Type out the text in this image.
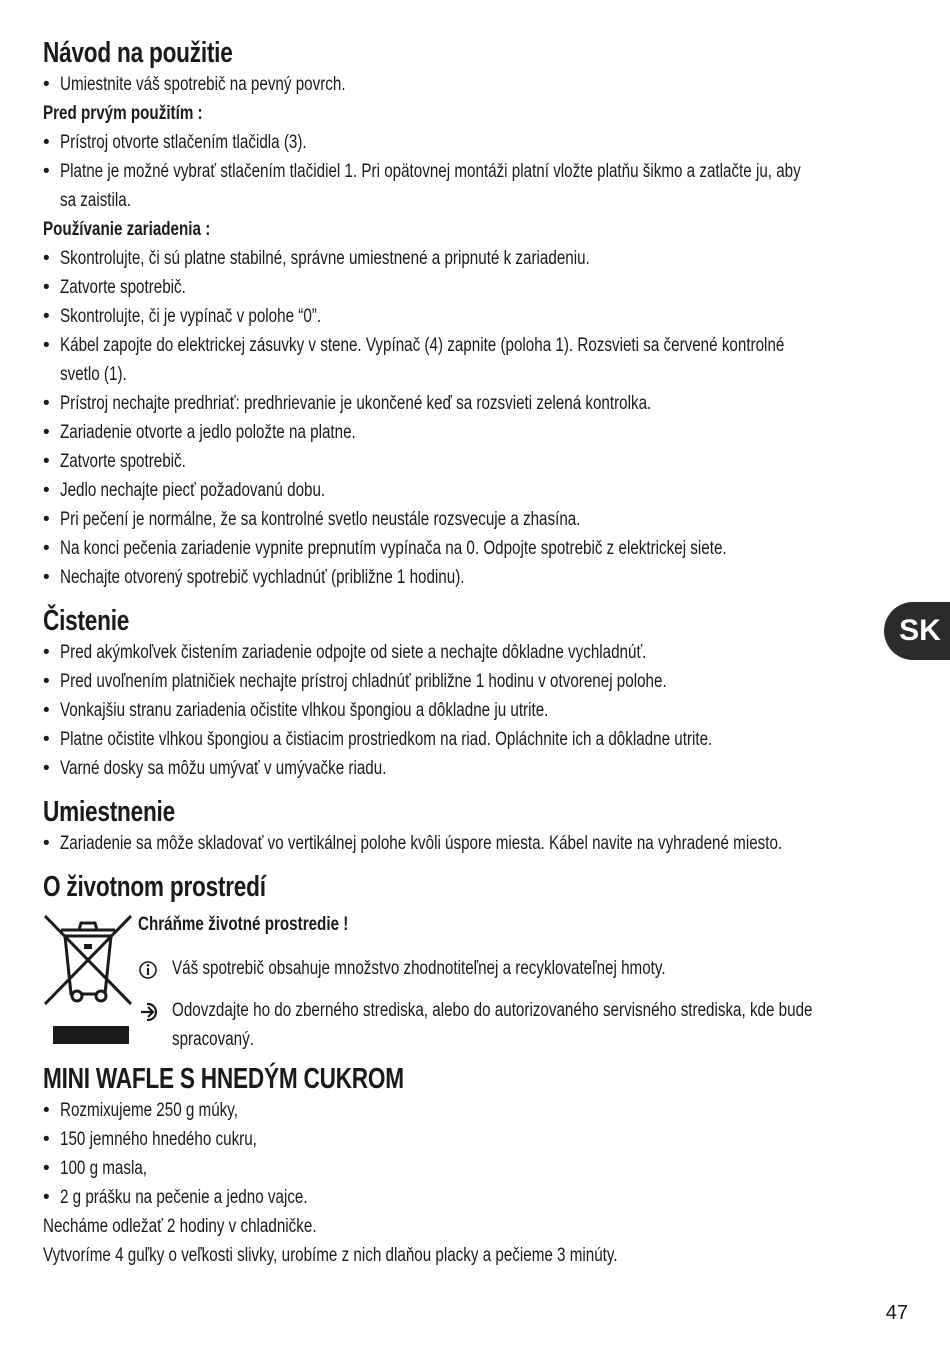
Návod na použitie
• Umiestnite váš spotrebič na pevný povrch.
Pred prvým použitím :
• Prístroj otvorte stlačením tlačidla (3).
• Platne je možné vybrať stlačením tlačidiel 1. Pri opätovnej montáži platní vložte platňu šikmo a zatlačte ju, aby
sa zaistila.
Používanie zariadenia :
• Skontrolujte, či sú platne stabilné, správne umiestnené a pripnuté k zariadeniu.
• Zatvorte spotrebič.
• Skontrolujte, či je vypínač v polohe “0”.
• Kábel zapojte do elektrickej zásuvky v stene. Vypínač (4) zapnite (poloha 1). Rozsvieti sa červené kontrolné
svetlo (1).
• Prístroj nechajte predhriať: predhrievanie je ukončené keď sa rozsvieti zelená kontrolka.
• Zariadenie otvorte a jedlo položte na platne.
• Zatvorte spotrebič.
• Jedlo nechajte piecť požadovanú dobu.
• Pri pečení je normálne, že sa kontrolné svetlo neustále rozsvecuje a zhasína.
• Na konci pečenia zariadenie vypnite prepnutím vypínača na 0. Odpojte spotrebič z elektrickej siete.
• Nechajte otvorený spotrebič vychladnúť (približne 1 hodinu).
Čistenie
• Pred akýmkoľvek čistením zariadenie odpojte od siete a nechajte dôkladne vychladnúť.
• Pred uvoľnením platničiek nechajte prístroj chladnúť približne 1 hodinu v otvorenej polohe.
• Vonkajšiu stranu zariadenia očistite vlhkou špongiou a dôkladne ju utrite.
• Platne očistite vlhkou špongiou a čistiacim prostriedkom na riad. Opláchnite ich a dôkladne utrite.
• Varné dosky sa môžu umývať v umývačke riadu.
Umiestnenie
• Zariadenie sa môže skladovať vo vertikálnej polohe kvôli úspore miesta. Kábel navite na vyhradené miesto.
O životnom prostredí
Chráňme životné prostredie !
Váš spotrebič obsahuje množstvo zhodnotiteľnej a recyklovateľnej hmoty.
Odovzdajte ho do zberného strediska, alebo do autorizovaného servisného strediska, kde bude
spracovaný.
MINI WAFLE S HNEDÝM CUKROM
• Rozmixujeme 250 g múky,
• 150 jemného hnedého cukru,
• 100 g masla,
• 2 g prášku na pečenie a jedno vajce.

Necháme odležať 2 hodiny v chladničke.

Vytvoríme 4 guľky o veľkosti slivky, urobíme z nich dlaňou placky a pečieme 3 minúty.

SK
47
